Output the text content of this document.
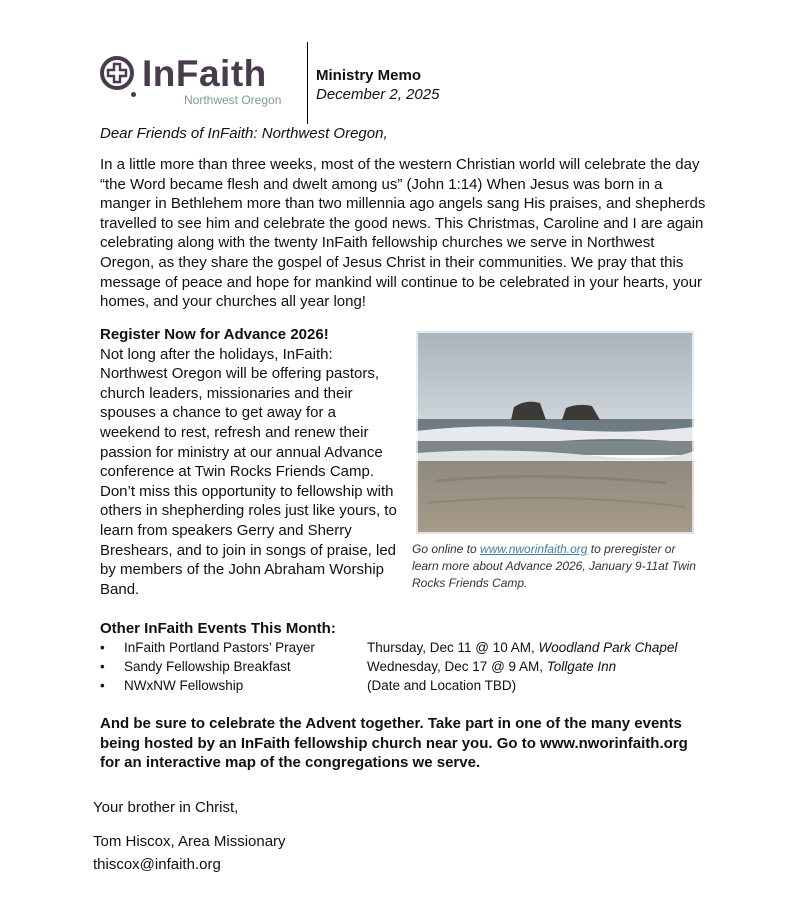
InFaith
Northwest Oregon
Ministry Memo
December 2, 2025
Dear Friends of InFaith: Northwest Oregon,
In a little more than three weeks, most of the western Christian world will celebrate the day “the Word became flesh and dwelt among us” (John 1:14) When Jesus was born in a manger in Bethlehem more than two millennia ago angels sang His praises, and shepherds travelled to see him and celebrate the good news. This Christmas, Caroline and I are again celebrating along with the twenty InFaith fellowship churches we serve in Northwest Oregon, as they share the gospel of Jesus Christ in their communities. We pray that this message of peace and hope for mankind will continue to be celebrated in your hearts, your homes, and your churches all year long!
Register Now for Advance 2026!
Not long after the holidays, InFaith: Northwest Oregon will be offering pastors, church leaders, missionaries and their spouses a chance to get away for a weekend to rest, refresh and renew their passion for ministry at our annual Advance conference at Twin Rocks Friends Camp. Don’t miss this opportunity to fellowship with others in shepherding roles just like yours, to learn from speakers Gerry and Sherry Breshears, and to join in songs of praise, led by members of the John Abraham Worship Band.
Go online to www.nworinfaith.org to preregister or learn more about Advance 2026, January 9-11at Twin Rocks Friends Camp.
Other InFaith Events This Month:
• InFaith Portland Pastors’ Prayer	Thursday, Dec 11 @ 10 AM, Woodland Park Chapel
• Sandy Fellowship Breakfast	Wednesday, Dec 17 @ 9 AM, Tollgate Inn
• NWxNW Fellowship	(Date and Location TBD)
And be sure to celebrate the Advent together. Take part in one of the many events being hosted by an InFaith fellowship church near you. Go to www.nworinfaith.org for an interactive map of the congregations we serve.
Your brother in Christ,
Tom Hiscox, Area Missionary
thiscox@infaith.org
